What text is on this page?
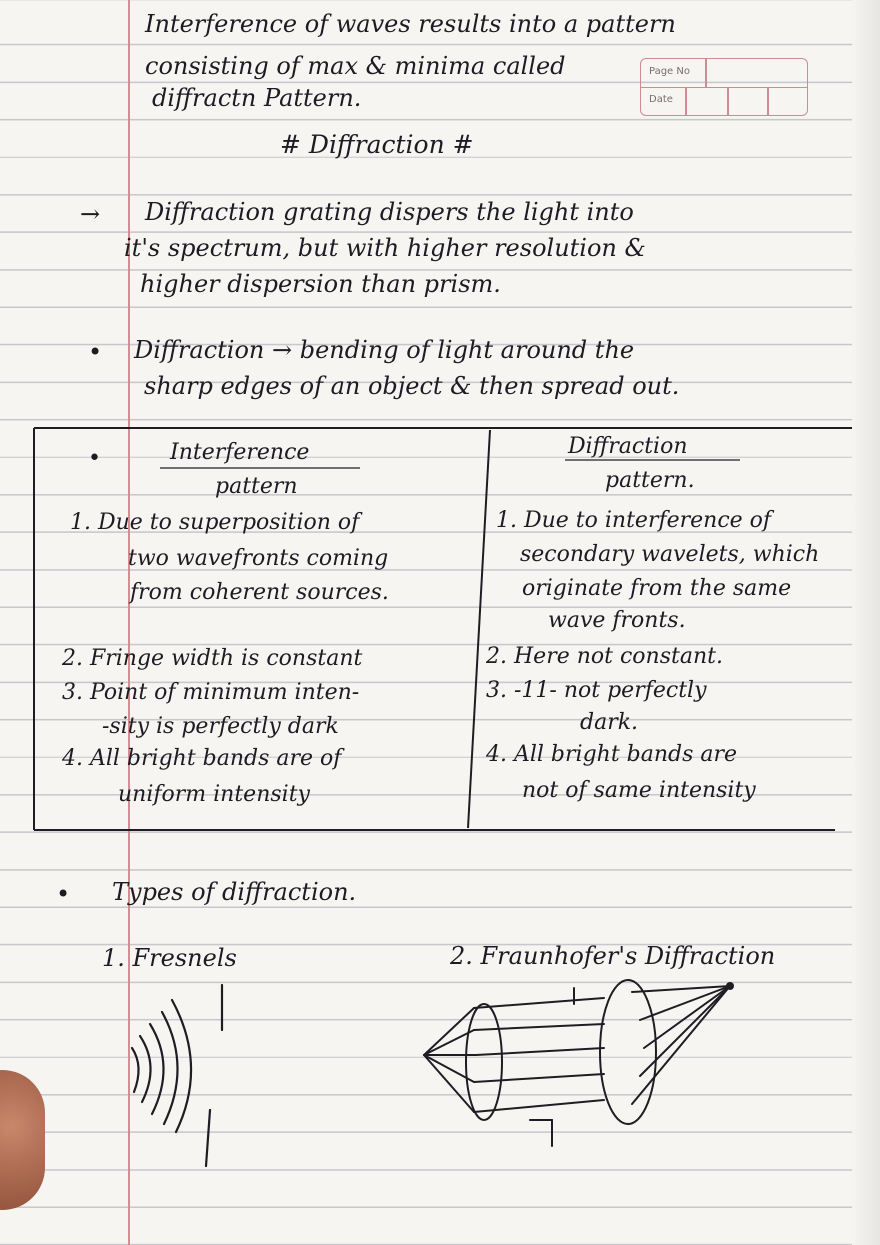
Page No
Date

Interference of waves results into a pattern

consisting of max & minima called

diffractn Pattern.

# Diffraction #

→ Diffraction grating dispers the light into

it's spectrum, but with higher resolution &

higher dispersion than prism.

• Diffraction → bending of light around the

sharp edges of an object & then spread out.

•	Interference

pattern

Diffraction

pattern.

1. Due to superposition of

two wavefronts coming

from coherent sources.

2. Fringe width is constant

3. Point of minimum inten-

-sity is perfectly dark

4. All bright bands are of

uniform intensity

1. Due to interference of

secondary wavelets, which

originate from the same

wave fronts.

2. Here not constant.

3. -11- not perfectly

dark.

4. All bright bands are

not of same intensity

• Types of diffraction.

1. Fresnels	2. Fraunhofer's Diffraction
